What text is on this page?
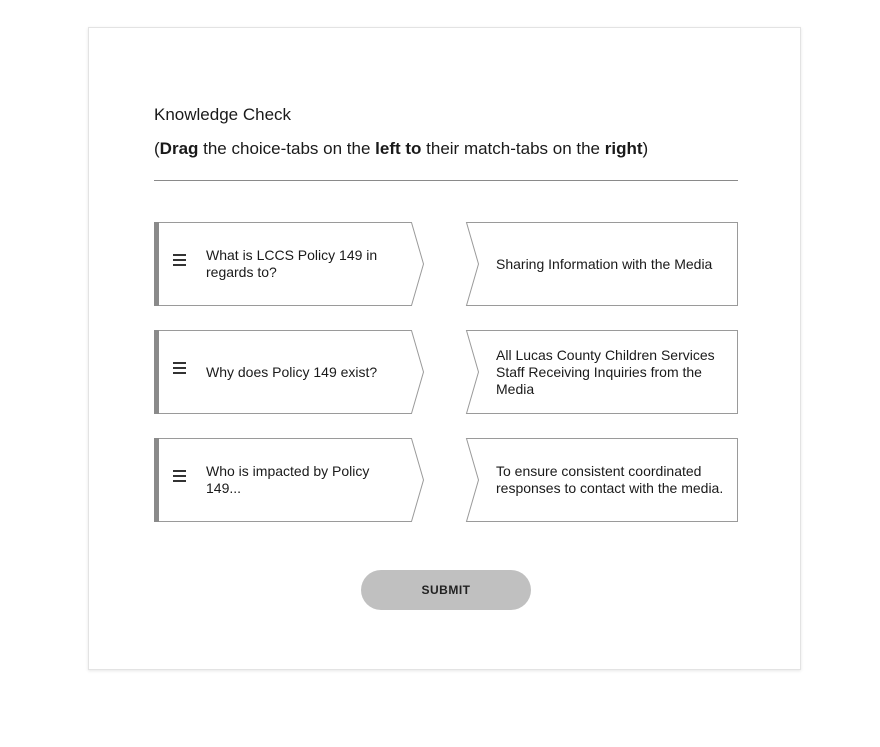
Knowledge Check
(Drag the choice-tabs on the left to their match-tabs on the right)
What is LCCS Policy 149 in regards to?
Why does Policy 149 exist?
Who is impacted by Policy 149...
Sharing Information with the Media
All Lucas County Children Services Staff Receiving Inquiries from the Media
To ensure consistent coordinated responses to contact with the media.
SUBMIT
